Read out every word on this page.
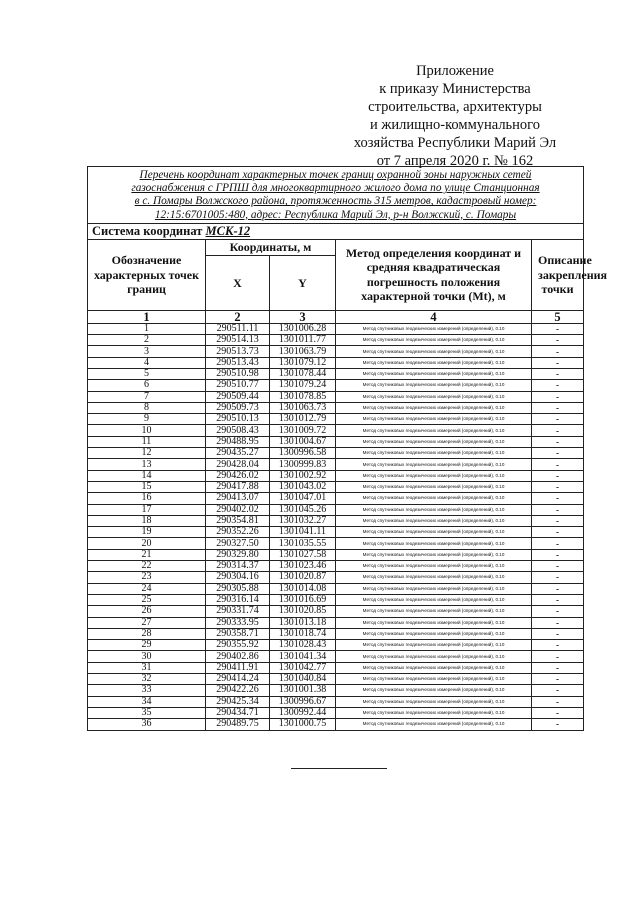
Приложение
к приказу Министерства
строительства, архитектуры
и жилищно-коммунального
хозяйства Республики Марий Эл
от 7 апреля 2020 г. № 162
Перечень координат характерных точек границ охранной зоны наружных сетей
газоснабжения с ГРПШ для многоквартирного жилого дома по улице Станционная
в с. Помары Волжского района, протяженность 315 метров, кадастровый номер:
12:15:6701005:480, адрес: Республика Марий Эл, р-н Волжский, с. Помары				

Система координат МСК-12				
Обозначение характерных точек границ	Координаты, м		Метод определения координат и средняя квадратическая погрешность положения характерной точки (Mt), м	Описание закрепления точки
	X	Y		
1	2	3	4	5
1	290511.11	1301006.28	Метод спутниковых геодезических измерений (определений), 0.10	-
2	290514.13	1301011.77	Метод спутниковых геодезических измерений (определений), 0.10	-
3	290513.73	1301063.79	Метод спутниковых геодезических измерений (определений), 0.10	-
4	290513.43	1301079.12	Метод спутниковых геодезических измерений (определений), 0.10	-
5	290510.98	1301078.44	Метод спутниковых геодезических измерений (определений), 0.10	-
6	290510.77	1301079.24	Метод спутниковых геодезических измерений (определений), 0.10	-
7	290509.44	1301078.85	Метод спутниковых геодезических измерений (определений), 0.10	-
8	290509.73	1301063.73	Метод спутниковых геодезических измерений (определений), 0.10	-
9	290510.13	1301012.79	Метод спутниковых геодезических измерений (определений), 0.10	-
10	290508.43	1301009.72	Метод спутниковых геодезических измерений (определений), 0.10	-
11	290488.95	1301004.67	Метод спутниковых геодезических измерений (определений), 0.10	-
12	290435.27	1300996.58	Метод спутниковых геодезических измерений (определений), 0.10	-
13	290428.04	1300999.83	Метод спутниковых геодезических измерений (определений), 0.10	-
14	290426.02	1301002.92	Метод спутниковых геодезических измерений (определений), 0.10	-
15	290417.88	1301043.02	Метод спутниковых геодезических измерений (определений), 0.10	-
16	290413.07	1301047.01	Метод спутниковых геодезических измерений (определений), 0.10	-
17	290402.02	1301045.26	Метод спутниковых геодезических измерений (определений), 0.10	-
18	290354.81	1301032.27	Метод спутниковых геодезических измерений (определений), 0.10	-
19	290352.26	1301041.11	Метод спутниковых геодезических измерений (определений), 0.10	-
20	290327.50	1301035.55	Метод спутниковых геодезических измерений (определений), 0.10	-
21	290329.80	1301027.58	Метод спутниковых геодезических измерений (определений), 0.10	-
22	290314.37	1301023.46	Метод спутниковых геодезических измерений (определений), 0.10	-
23	290304.16	1301020.87	Метод спутниковых геодезических измерений (определений), 0.10	-
24	290305.88	1301014.08	Метод спутниковых геодезических измерений (определений), 0.10	-
25	290316.14	1301016.69	Метод спутниковых геодезических измерений (определений), 0.10	-
26	290331.74	1301020.85	Метод спутниковых геодезических измерений (определений), 0.10	-
27	290333.95	1301013.18	Метод спутниковых геодезических измерений (определений), 0.10	-
28	290358.71	1301018.74	Метод спутниковых геодезических измерений (определений), 0.10	-
29	290355.92	1301028.43	Метод спутниковых геодезических измерений (определений), 0.10	-
30	290402.86	1301041.34	Метод спутниковых геодезических измерений (определений), 0.10	-
31	290411.91	1301042.77	Метод спутниковых геодезических измерений (определений), 0.10	-
32	290414.24	1301040.84	Метод спутниковых геодезических измерений (определений), 0.10	-
33	290422.26	1301001.38	Метод спутниковых геодезических измерений (определений), 0.10	-
34	290425.34	1300996.67	Метод спутниковых геодезических измерений (определений), 0.10	-
35	290434.71	1300992.44	Метод спутниковых геодезических измерений (определений), 0.10	-
36	290489.75	1301000.75	Метод спутниковых геодезических измерений (определений), 0.10	-
